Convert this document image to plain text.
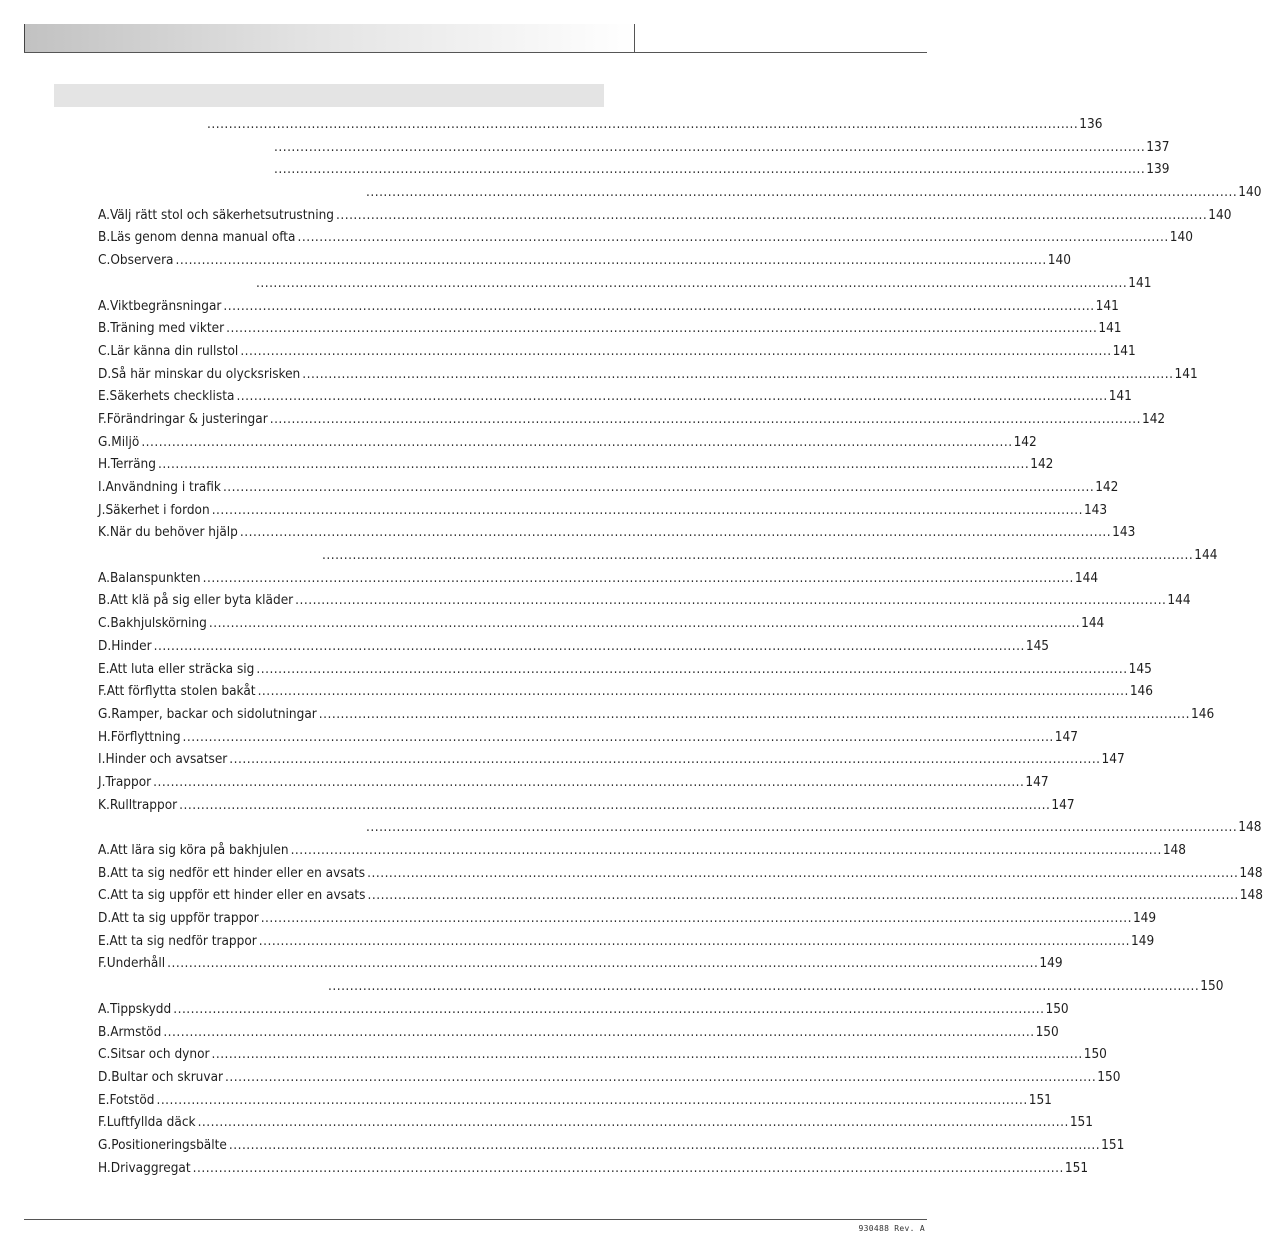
........................................................................................................................................................................................................ 136
........................................................................................................................................................................................................ 137
........................................................................................................................................................................................................ 139
........................................................................................................................................................................................................ 140
A. Välj rätt stol och säkerhetsutrustning ........................................................................................................................................................................................................ 140
B. Läs genom denna manual ofta ........................................................................................................................................................................................................ 140
C. Observera ........................................................................................................................................................................................................ 140
........................................................................................................................................................................................................ 141
A. Viktbegränsningar ........................................................................................................................................................................................................ 141
B. Träning med vikter ........................................................................................................................................................................................................ 141
C. Lär känna din rullstol ........................................................................................................................................................................................................ 141
D. Så här minskar du olycksrisken ........................................................................................................................................................................................................ 141
E. Säkerhets checklista ........................................................................................................................................................................................................ 141
F. Förändringar & justeringar ........................................................................................................................................................................................................ 142
G. Miljö ........................................................................................................................................................................................................ 142
H. Terräng ........................................................................................................................................................................................................ 142
I. Användning i trafik ........................................................................................................................................................................................................ 142
J. Säkerhet i fordon ........................................................................................................................................................................................................ 143
K. När du behöver hjälp ........................................................................................................................................................................................................ 143
........................................................................................................................................................................................................ 144
A. Balanspunkten ........................................................................................................................................................................................................ 144
B. Att klä på sig eller byta kläder ........................................................................................................................................................................................................ 144
C. Bakhjulskörning ........................................................................................................................................................................................................ 144
D. Hinder ........................................................................................................................................................................................................ 145
E. Att luta eller sträcka sig ........................................................................................................................................................................................................ 145
F. Att förflytta stolen bakåt ........................................................................................................................................................................................................ 146
G. Ramper, backar och sidolutningar ........................................................................................................................................................................................................ 146
H. Förflyttning ........................................................................................................................................................................................................ 147
I. Hinder och avsatser ........................................................................................................................................................................................................ 147
J. Trappor ........................................................................................................................................................................................................ 147
K. Rulltrappor ........................................................................................................................................................................................................ 147
........................................................................................................................................................................................................ 148
A. Att lära sig köra på bakhjulen ........................................................................................................................................................................................................ 148
B. Att ta sig nedför ett hinder eller en avsats ........................................................................................................................................................................................................ 148
C. Att ta sig uppför ett hinder eller en avsats ........................................................................................................................................................................................................ 148
D. Att ta sig uppför trappor ........................................................................................................................................................................................................ 149
E. Att ta sig nedför trappor ........................................................................................................................................................................................................ 149
F. Underhåll ........................................................................................................................................................................................................ 149
........................................................................................................................................................................................................ 150
A. Tippskydd ........................................................................................................................................................................................................ 150
B. Armstöd ........................................................................................................................................................................................................ 150
C. Sitsar och dynor ........................................................................................................................................................................................................ 150
D. Bultar och skruvar ........................................................................................................................................................................................................ 150
E. Fotstöd ........................................................................................................................................................................................................ 151
F. Luftfyllda däck ........................................................................................................................................................................................................ 151
G. Positioneringsbälte ........................................................................................................................................................................................................ 151
H. Drivaggregat ........................................................................................................................................................................................................ 151
930488 Rev. A
